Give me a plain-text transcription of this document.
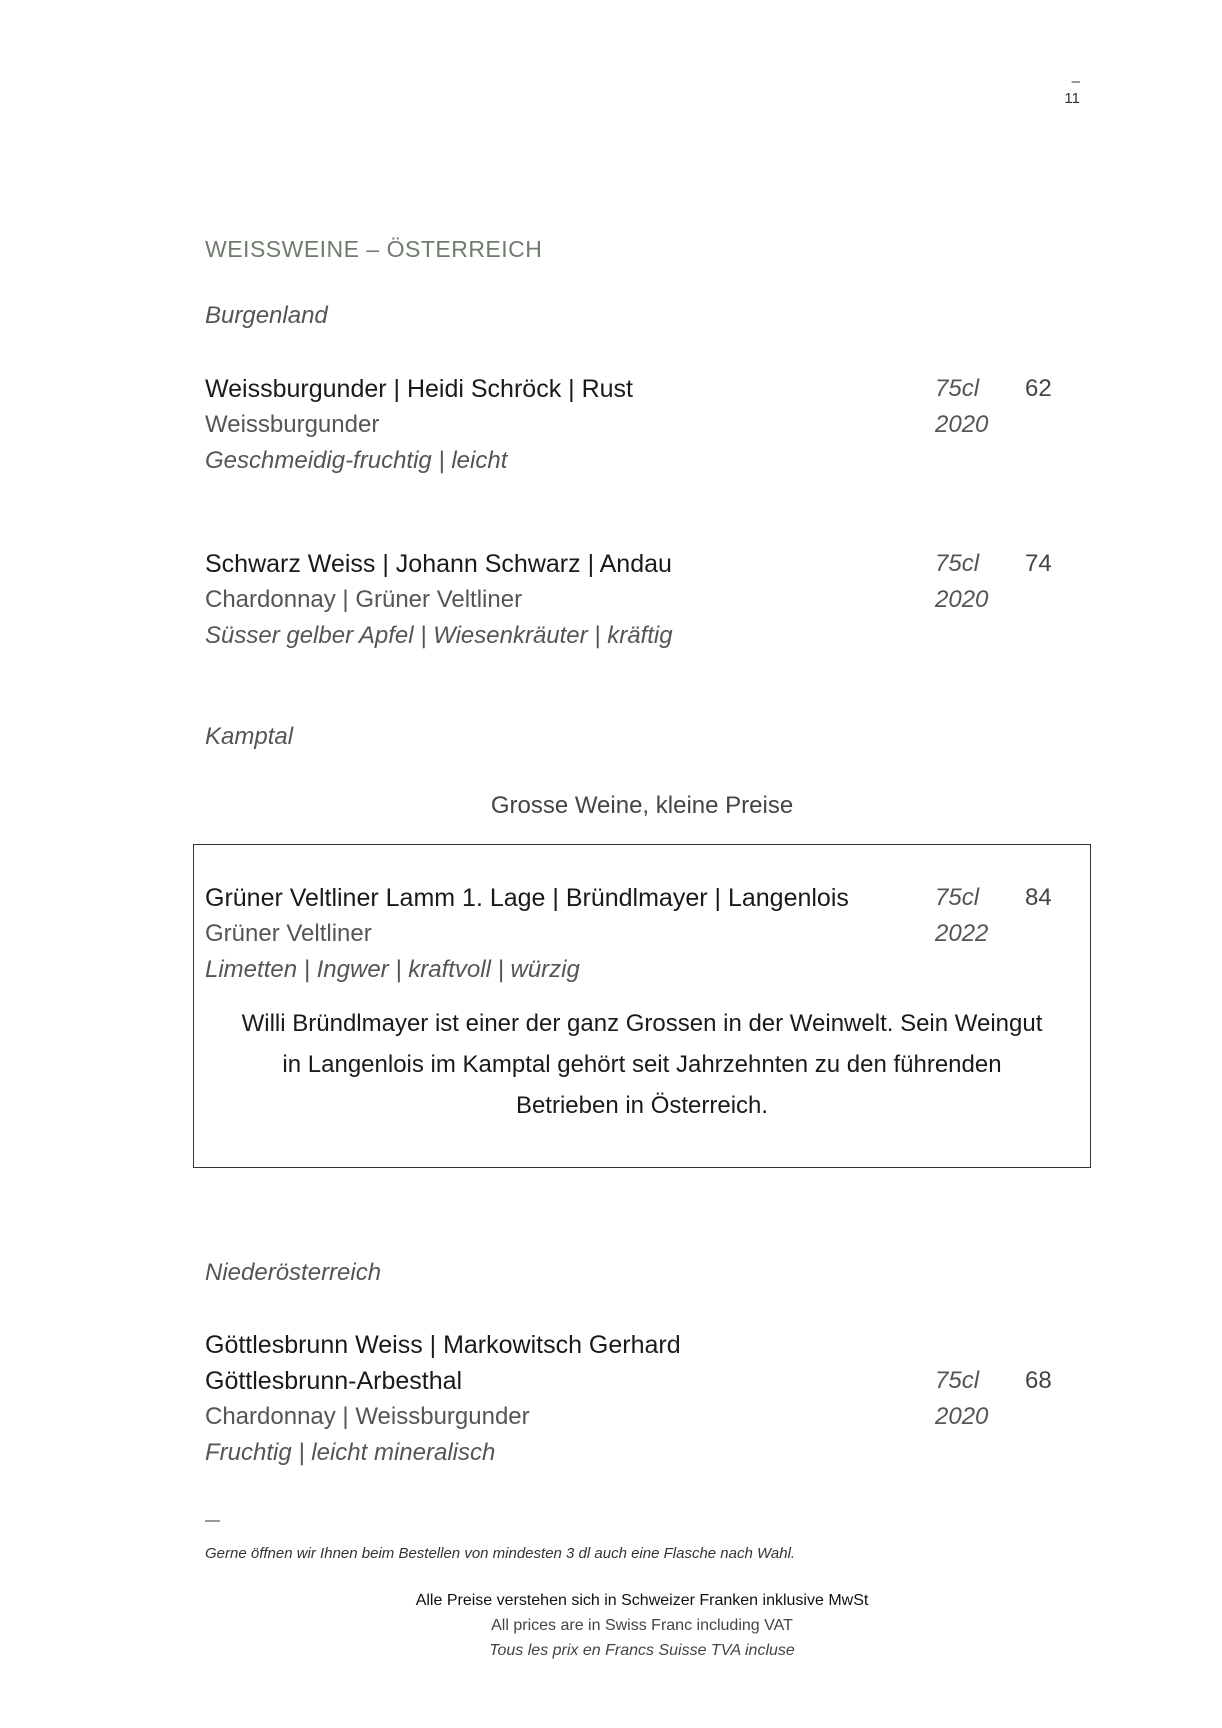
–
11
WEISSWEINE – ÖSTERREICH
Burgenland
Weissburgunder | Heidi Schröck | Rust	75cl 62
Weissburgunder	2020
Geschmeidig-fruchtig | leicht
Schwarz Weiss | Johann Schwarz | Andau	75cl 74
Chardonnay | Grüner Veltliner	2020
Süsser gelber Apfel | Wiesenkräuter | kräftig
Kamptal
Grosse Weine, kleine Preise
Grüner Veltliner Lamm 1. Lage | Bründlmayer | Langenlois	75cl 84
Grüner Veltliner	2022
Limetten | Ingwer | kraftvoll | würzig
Willi Bründlmayer ist einer der ganz Grossen in der Weinwelt. Sein Weingut
in Langenlois im Kamptal gehört seit Jahrzehnten zu den führenden
Betrieben in Österreich.
Niederösterreich
Göttlesbrunn Weiss | Markowitsch Gerhard
Göttlesbrunn-Arbesthal	75cl 68
Chardonnay | Weissburgunder	2020
Fruchtig | leicht mineralisch
—
Gerne öffnen wir Ihnen beim Bestellen von mindesten 3 dl auch eine Flasche nach Wahl.
Alle Preise verstehen sich in Schweizer Franken inklusive MwSt
All prices are in Swiss Franc including VAT
Tous les prix en Francs Suisse TVA incluse
